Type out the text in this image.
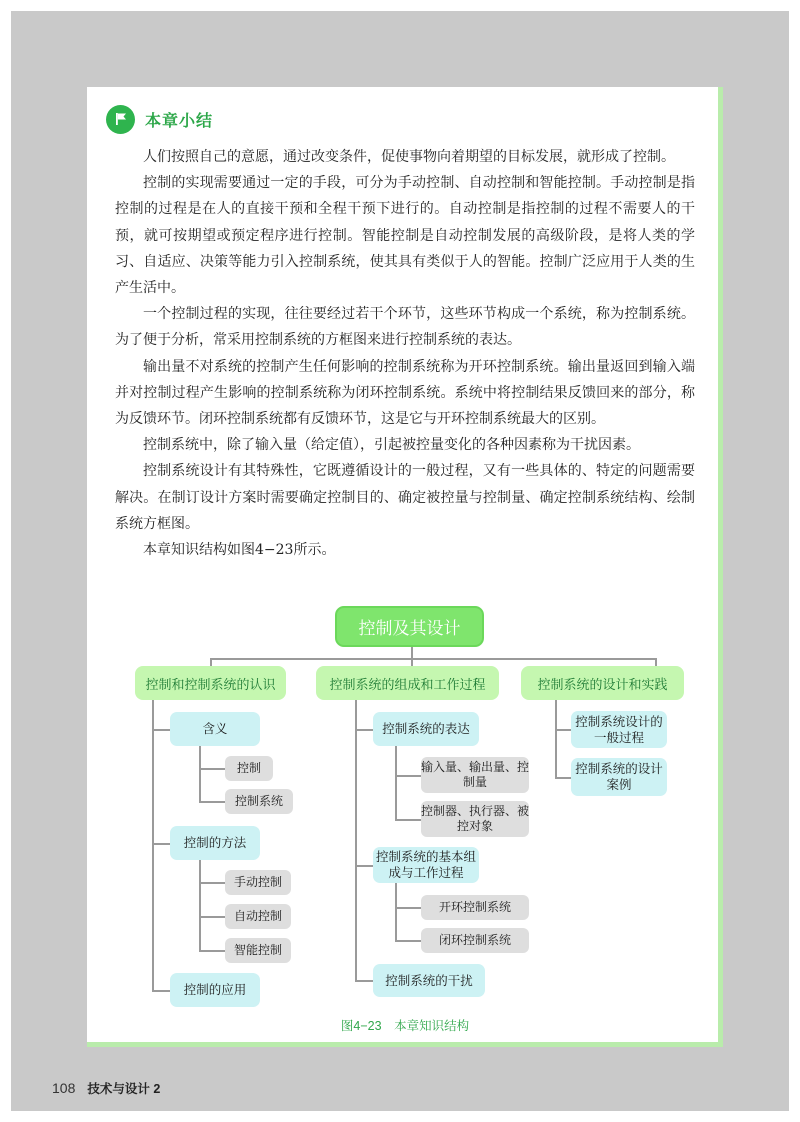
本章小结

人们按照自己的意愿，通过改变条件，促使事物向着期望的目标发展，就形成了控制。

控制的实现需要通过一定的手段，可分为手动控制、自动控制和智能控制。手动控制是指控制的过程是在人的直接干预和全程干预下进行的。自动控制是指控制的过程不需要人的干预，就可按期望或预定程序进行控制。智能控制是自动控制发展的高级阶段，是将人类的学习、自适应、决策等能力引入控制系统，使其具有类似于人的智能。控制广泛应用于人类的生产生活中。

一个控制过程的实现，往往要经过若干个环节，这些环节构成一个系统，称为控制系统。为了便于分析，常采用控制系统的方框图来进行控制系统的表达。

输出量不对系统的控制产生任何影响的控制系统称为开环控制系统。输出量返回到输入端并对控制过程产生影响的控制系统称为闭环控制系统。系统中将控制结果反馈回来的部分，称为反馈环节。闭环控制系统都有反馈环节，这是它与开环控制系统最大的区别。

控制系统中，除了输入量（给定值），引起被控量变化的各种因素称为干扰因素。

控制系统设计有其特殊性，它既遵循设计的一般过程，又有一些具体的、特定的问题需要解决。在制订设计方案时需要确定控制目的、确定被控量与控制量、确定控制系统结构、绘制系统方框图。

本章知识结构如图4−23所示。

控制及其设计
控制和控制系统的认识	控制系统的组成和工作过程	控制系统的设计和实践
含义
控制
控制系统
控制的方法
手动控制
自动控制
智能控制
控制的应用
控制系统的表达
输入量、输出量、控制量
控制器、执行器、被控对象
控制系统的基本组成与工作过程
开环控制系统
闭环控制系统
控制系统的干扰
控制系统设计的一般过程
控制系统的设计案例
图4−23　本章知识结构
108 技术与设计 2
